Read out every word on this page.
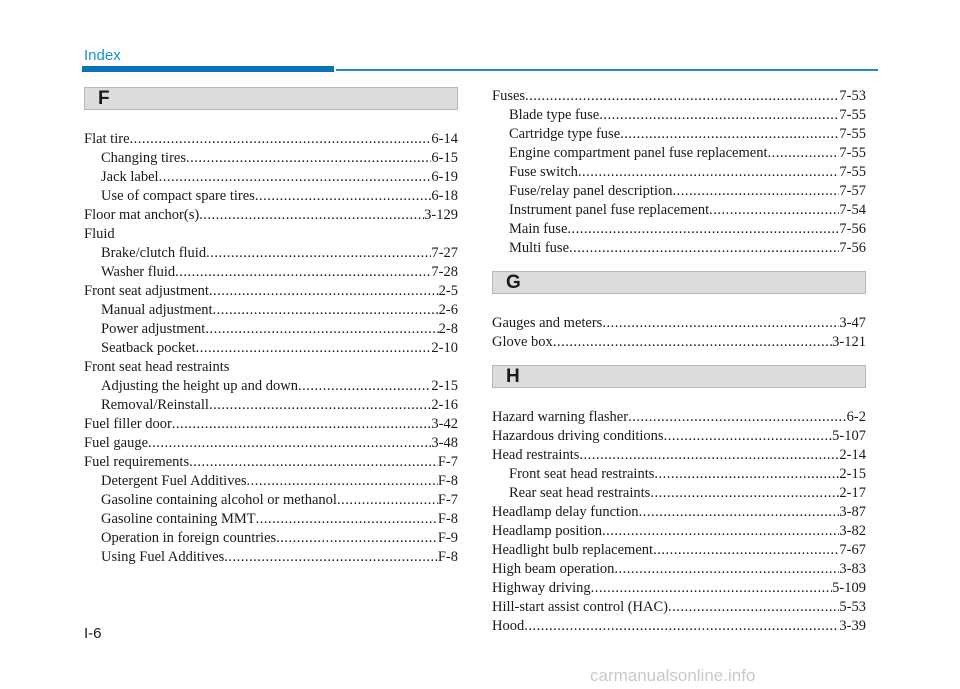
Index
F
Flat tire .....	6-14
Changing tires .....	6-15
Jack label .....	6-19
Use of compact spare tires .....	6-18
Floor mat anchor(s) .....	3-129
Fluid
Brake/clutch fluid .....	7-27
Washer fluid .....	7-28
Front seat adjustment .....	2-5
Manual adjustment .....	2-6
Power adjustment .....	2-8
Seatback pocket .....	2-10
Front seat head restraints
Adjusting the height up and down .....	2-15
Removal/Reinstall .....	2-16
Fuel filler door .....	3-42
Fuel gauge .....	3-48
Fuel requirements .....	F-7
Detergent Fuel Additives .....	F-8
Gasoline containing alcohol or methanol .....	F-7
Gasoline containing MMT .....	F-8
Operation in foreign countries .....	F-9
Using Fuel Additives .....	F-8
Fuses .....	7-53
Blade type fuse .....	7-55
Cartridge type fuse .....	7-55
Engine compartment panel fuse replacement .....	7-55
Fuse switch .....	7-55
Fuse/relay panel description .....	7-57
Instrument panel fuse replacement .....	7-54
Main fuse .....	7-56
Multi fuse .....	7-56
G
Gauges and meters .....	3-47
Glove box .....	3-121
H
Hazard warning flasher .....	6-2
Hazardous driving conditions .....	5-107
Head restraints .....	2-14
Front seat head restraints .....	2-15
Rear seat head restraints .....	2-17
Headlamp delay function .....	3-87
Headlamp position .....	3-82
Headlight bulb replacement .....	7-67
High beam operation .....	3-83
Highway driving .....	5-109
Hill-start assist control (HAC) .....	5-53
Hood .....	3-39
I-6
carmanualsonline.info
